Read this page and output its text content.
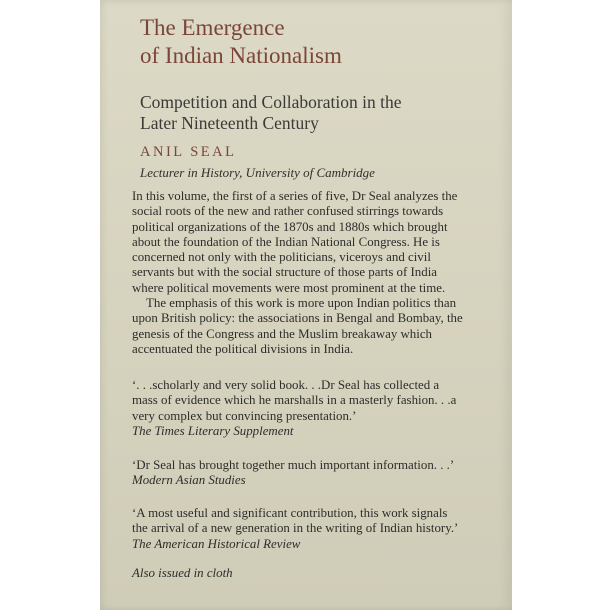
The Emergence
of Indian Nationalism
Competition and Collaboration in the
Later Nineteenth Century
ANIL SEAL
Lecturer in History, University of Cambridge
In this volume, the first of a series of five, Dr Seal analyzes the
social roots of the new and rather confused stirrings towards
political organizations of the 1870s and 1880s which brought
about the foundation of the Indian National Congress. He is
concerned not only with the politicians, viceroys and civil
servants but with the social structure of those parts of India
where political movements were most prominent at the time.
The emphasis of this work is more upon Indian politics than
upon British policy: the associations in Bengal and Bombay, the
genesis of the Congress and the Muslim breakaway which
accentuated the political divisions in India.
‘. . .scholarly and very solid book. . .Dr Seal has collected a
mass of evidence which he marshalls in a masterly fashion. . .a
very complex but convincing presentation.’
The Times Literary Supplement
‘Dr Seal has brought together much important information. . .’
Modern Asian Studies
‘A most useful and significant contribution, this work signals
the arrival of a new generation in the writing of Indian history.’
The American Historical Review
Also issued in cloth
